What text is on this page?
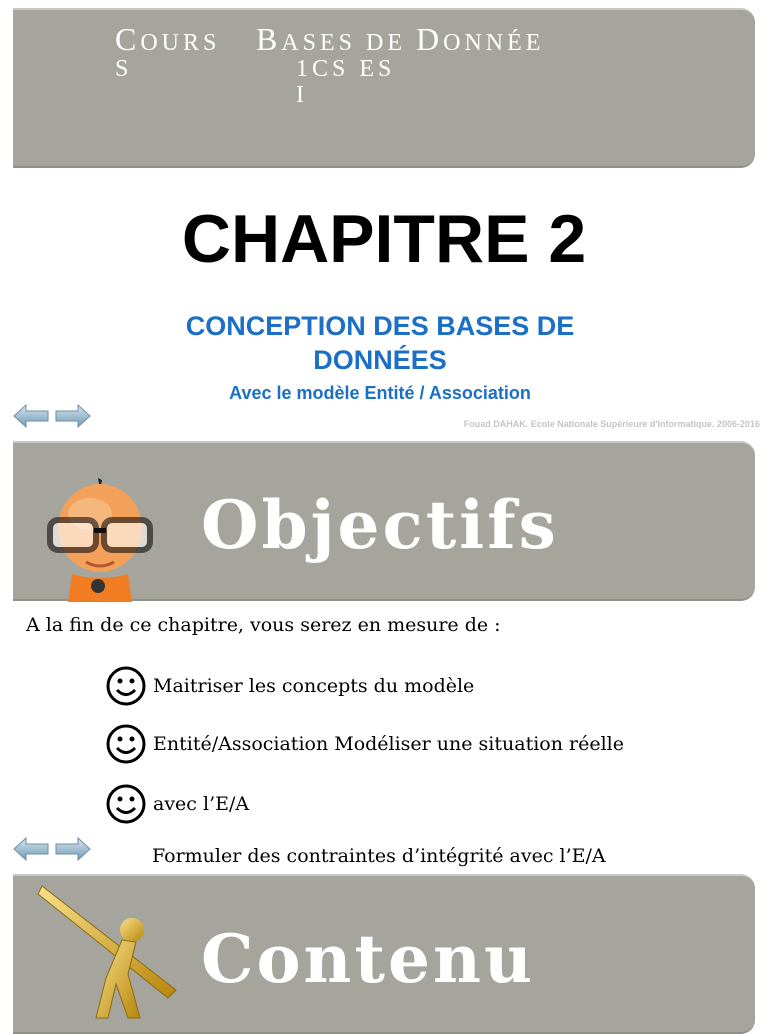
COURS
S
BASES DE DONNÉE
1CS ES
I
CHAPITRE 2
CONCEPTION DES BASES DE DONNÉES
Avec le modèle Entité / Association
Fouad DAHAK. Ecole Nationale Supérieure d'Informatique. 2006-2016
Objectifs
A la fin de ce chapitre, vous serez en mesure de :
Maitriser les concepts du modèle
Entité/Association Modéliser une situation réelle
avec l’E/A
Formuler des contraintes d’intégrité avec l’E/A
Contenu
